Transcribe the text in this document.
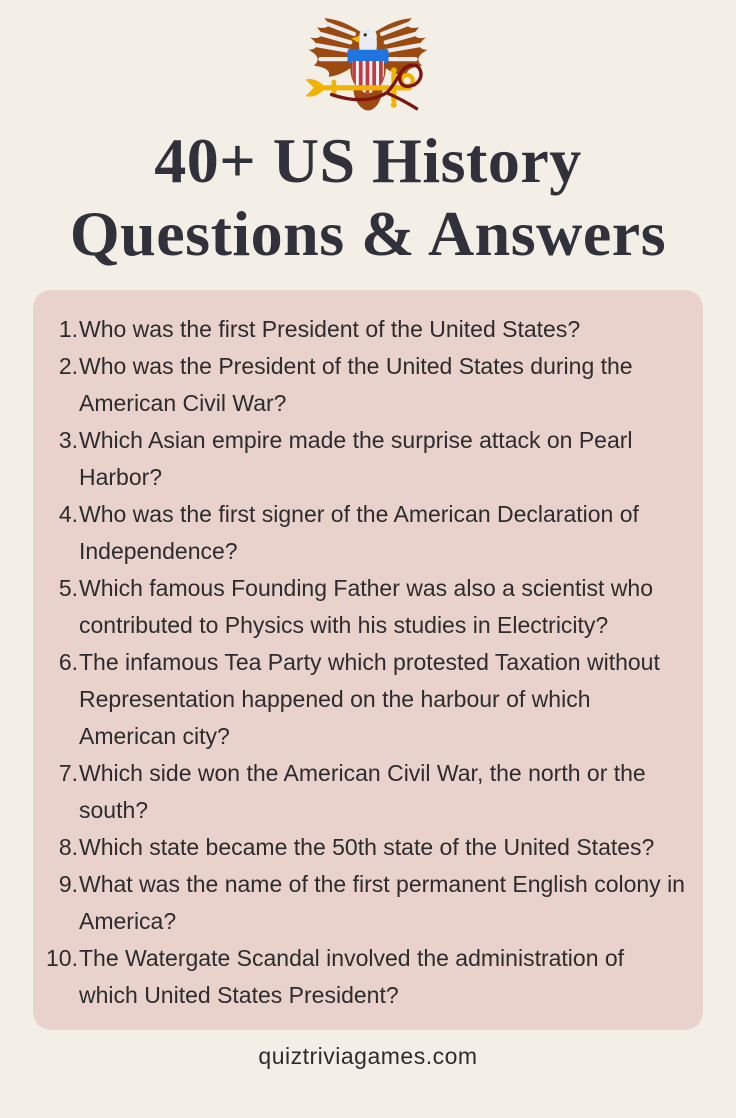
40+ US History
Questions & Answers
1. Who was the first President of the United States?
2. Who was the President of the United States during the American Civil War?
3. Which Asian empire made the surprise attack on Pearl Harbor?
4. Who was the first signer of the American Declaration of Independence?
5. Which famous Founding Father was also a scientist who contributed to Physics with his studies in Electricity?
6. The infamous Tea Party which protested Taxation without Representation happened on the harbour of which American city?
7. Which side won the American Civil War, the north or the south?
8. Which state became the 50th state of the United States?
9. What was the name of the first permanent English colony in America?
10. The Watergate Scandal involved the administration of which United States President?
quiztriviagames.com
